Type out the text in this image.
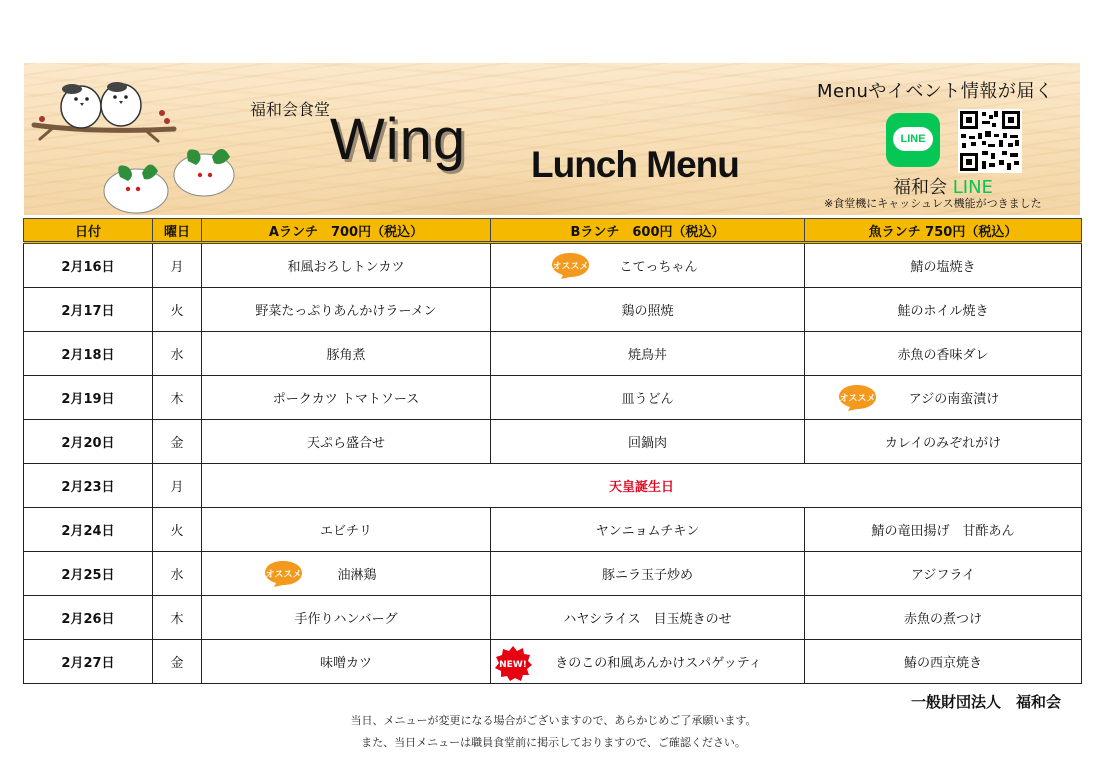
福和会食堂 Wing Lunch Menu
Menuやイベント情報が届く
LINE
福和会 LINE
※食堂機にキャッシュレス機能がつきました
日付	曜日	Aランチ　700円（税込）	Bランチ　600円（税込）	魚ランチ 750円（税込）
2月16日	月	和風おろしトンカツ	オススメ こてっちゃん	鯖の塩焼き
2月17日	火	野菜たっぷりあんかけラーメン	鶏の照焼	鮭のホイル焼き
2月18日	水	豚角煮	焼鳥丼	赤魚の香味ダレ
2月19日	木	ポークカツ トマトソース	皿うどん	オススメ アジの南蛮漬け
2月20日	金	天ぷら盛合せ	回鍋肉	カレイのみぞれがけ
2月23日	月	天皇誕生日		
2月24日	火	エビチリ	ヤンニョムチキン	鯖の竜田揚げ　甘酢あん
2月25日	水	オススメ 油淋鶏	豚ニラ玉子炒め	アジフライ
2月26日	木	手作りハンバーグ	ハヤシライス　目玉焼きのせ	赤魚の煮つけ
2月27日	金	味噌カツ	NEW! きのこの和風あんかけスパゲッティ	鰆の西京焼き
一般財団法人　福和会
当日、メニューが変更になる場合がございますので、あらかじめご了承願います。
また、当日メニューは職員食堂前に掲示しておりますので、ご確認ください。
